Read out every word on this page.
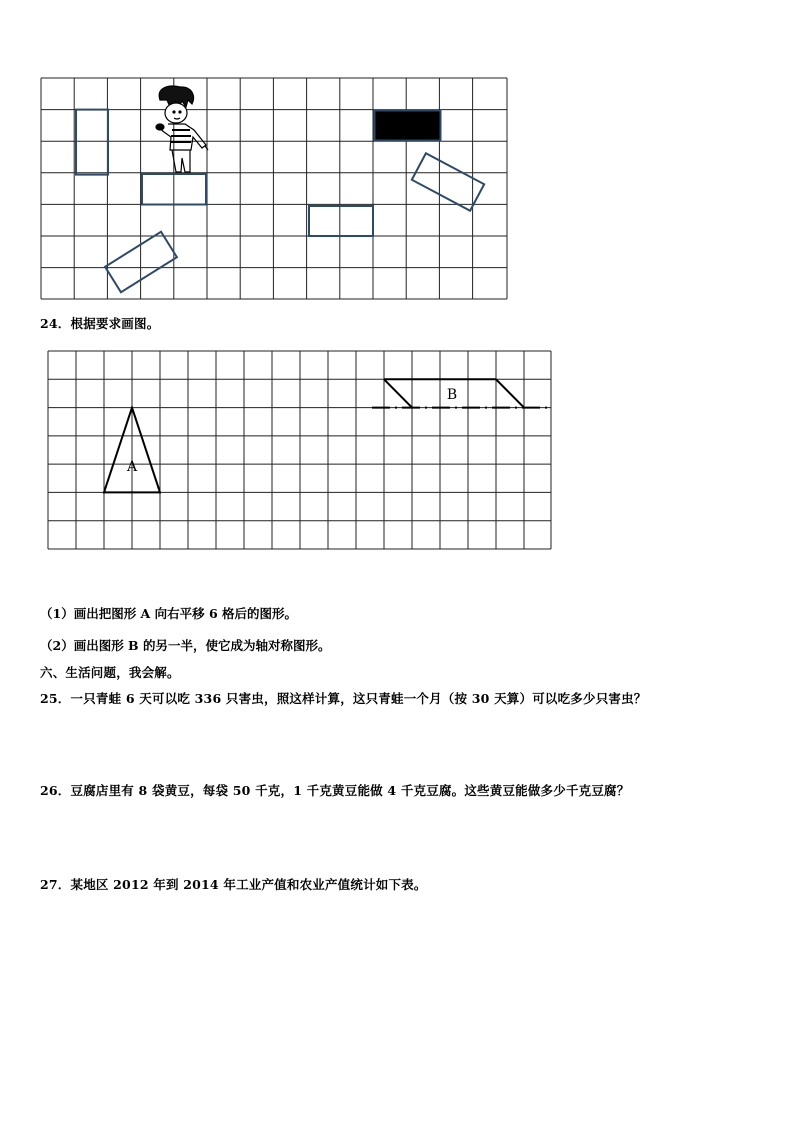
24．根据要求画图。
A
B
（1）画出把图形 A 向右平移 6 格后的图形。
（2）画出图形 B 的另一半，使它成为轴对称图形。
六、生活问题，我会解。
25．一只青蛙 6 天可以吃 336 只害虫，照这样计算，这只青蛙一个月（按 30 天算）可以吃多少只害虫？
26．豆腐店里有 8 袋黄豆，每袋 50 千克，1 千克黄豆能做 4 千克豆腐。这些黄豆能做多少千克豆腐？
27．某地区 2012 年到 2014 年工业产值和农业产值统计如下表。
